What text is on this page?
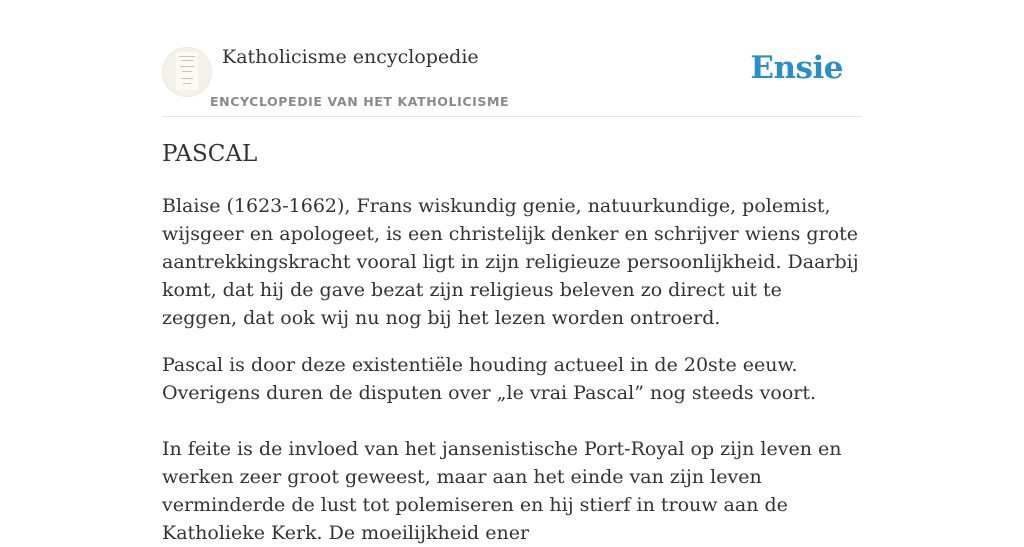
Katholicisme encyclopedie
ENCYCLOPEDIE VAN HET KATHOLICISME
Ensie
PASCAL

Blaise (1623-1662), Frans wiskundig genie, natuurkundige, polemist, wijsgeer en apologeet, is een christelijk denker en schrijver wiens grote aantrekkingskracht vooral ligt in zijn religieuze persoonlijkheid. Daarbij komt, dat hij de gave bezat zijn religieus beleven zo direct uit te zeggen, dat ook wij nu nog bij het lezen worden ontroerd.

Pascal is door deze existentiële houding actueel in de 20ste eeuw. Overigens duren de disputen over „le vrai Pascal” nog steeds voort.

In feite is de invloed van het jansenistische Port-Royal op zijn leven en werken zeer groot geweest, maar aan het einde van zijn leven verminderde de lust tot polemiseren en hij stierf in trouw aan de Katholieke Kerk. De moeilijkheid ener
